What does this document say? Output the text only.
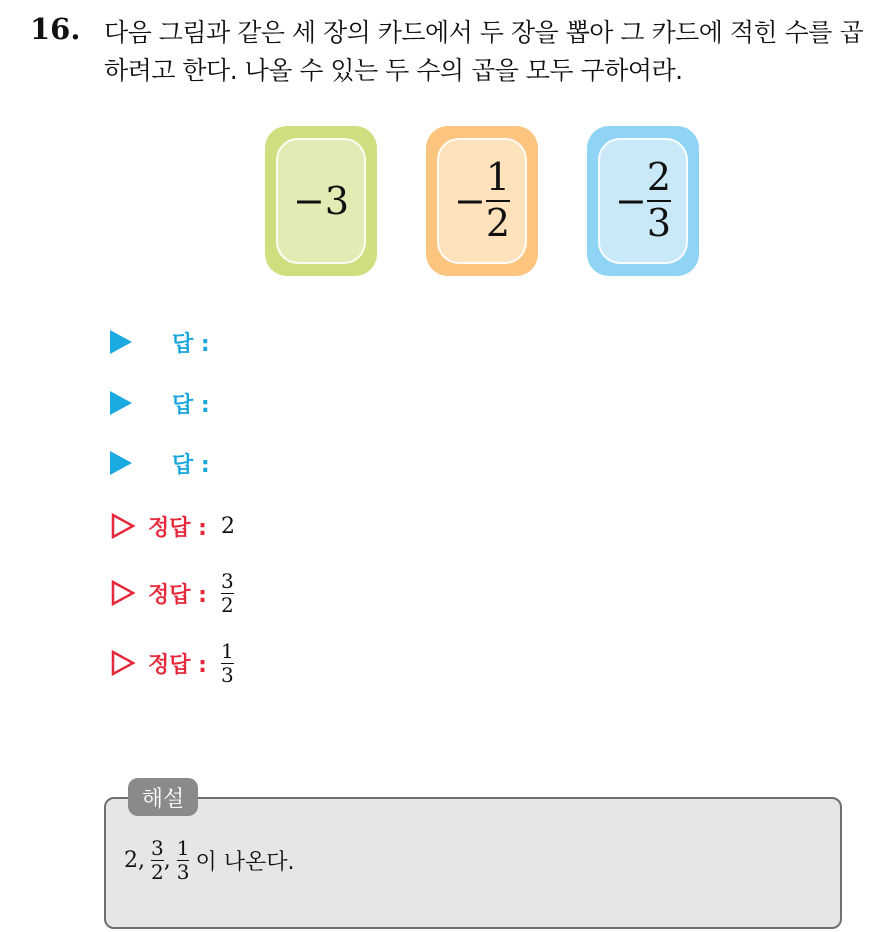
16. 다음 그림과 같은 세 장의 카드에서 두 장을 뽑아 그 카드에 적힌 수를 곱하려고 한다. 나올 수 있는 두 수의 곱을 모두 구하여라.
− 3	− $\frac{1}{2}$	− $\frac{2}{3}$
답 :
답 :
답 :
정답 : 2
정답 : $\frac{3}{2}$
정답 : $\frac{1}{3}$
해설
2, $\frac{3}{2}$ , $\frac{1}{3}$ 이 나온다.
